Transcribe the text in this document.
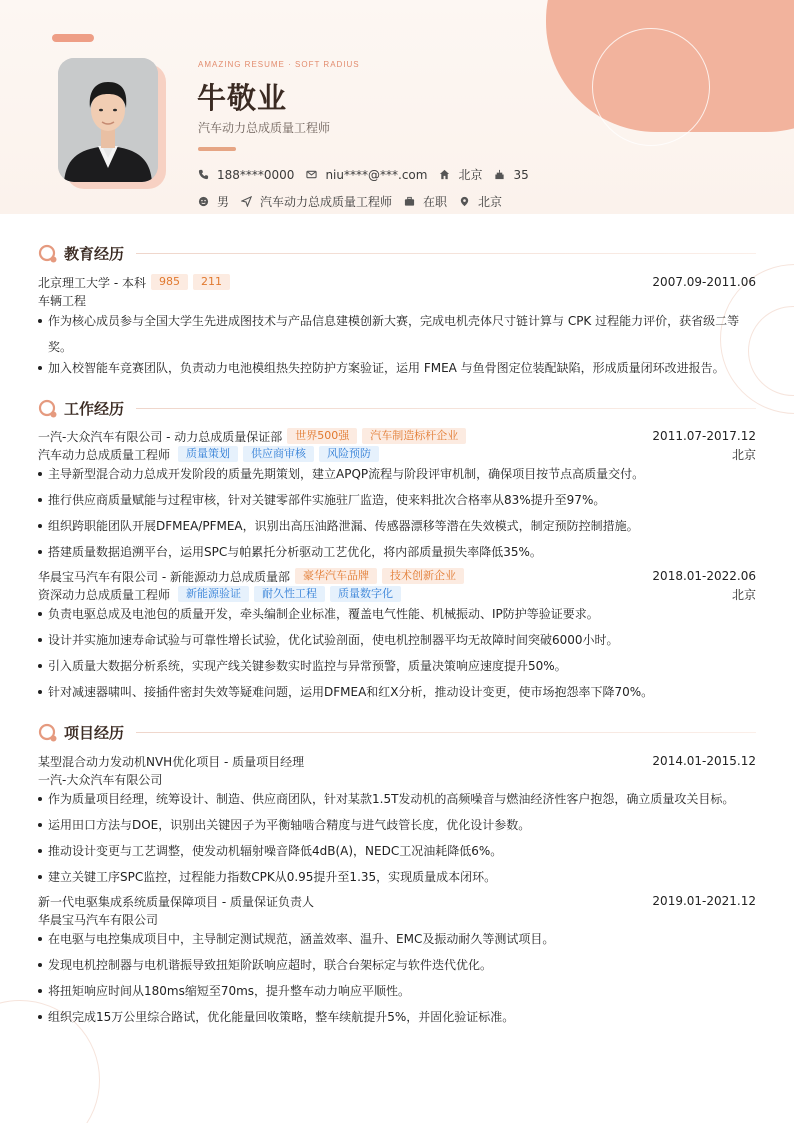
AMAZING RESUME · SOFT RADIUS
牛敬业
汽车动力总成质量工程师
188****0000	niu****@***.com	北京	35
男	汽车动力总成质量工程师	在职	北京
教育经历
北京理工大学 - 本科	985	211	2007.09-2011.06
车辆工程
作为核心成员参与全国大学生先进成图技术与产品信息建模创新大赛，完成电机壳体尺寸链计算与 CPK 过程能力评价，获省级二等奖。
加入校智能车竞赛团队，负责动力电池模组热失控防护方案验证，运用 FMEA 与鱼骨图定位装配缺陷，形成质量闭环改进报告。
工作经历
一汽-大众汽车有限公司 - 动力总成质量保证部	世界500强	汽车制造标杆企业	2011.07-2017.12
汽车动力总成质量工程师	质量策划	供应商审核	风险预防	北京
主导新型混合动力总成开发阶段的质量先期策划，建立APQP流程与阶段评审机制，确保项目按节点高质量交付。
推行供应商质量赋能与过程审核，针对关键零部件实施驻厂监造，使来料批次合格率从83%提升至97%。
组织跨职能团队开展DFMEA/PFMEA，识别出高压油路泄漏、传感器漂移等潜在失效模式，制定预防控制措施。
搭建质量数据追溯平台，运用SPC与帕累托分析驱动工艺优化，将内部质量损失率降低35%。
华晨宝马汽车有限公司 - 新能源动力总成质量部	豪华汽车品牌	技术创新企业	2018.01-2022.06
资深动力总成质量工程师	新能源验证	耐久性工程	质量数字化	北京
负责电驱总成及电池包的质量开发，牵头编制企业标准，覆盖电气性能、机械振动、IP防护等验证要求。
设计并实施加速寿命试验与可靠性增长试验，优化试验剖面，使电机控制器平均无故障时间突破6000小时。
引入质量大数据分析系统，实现产线关键参数实时监控与异常预警，质量决策响应速度提升50%。
针对减速器啸叫、接插件密封失效等疑难问题，运用DFMEA和红X分析，推动设计变更，使市场抱怨率下降70%。
项目经历
某型混合动力发动机NVH优化项目 - 质量项目经理	2014.01-2015.12
一汽-大众汽车有限公司
作为质量项目经理，统筹设计、制造、供应商团队，针对某款1.5T发动机的高频噪音与燃油经济性客户抱怨，确立质量攻关目标。
运用田口方法与DOE，识别出关键因子为平衡轴啮合精度与进气歧管长度，优化设计参数。
推动设计变更与工艺调整，使发动机辐射噪音降低4dB(A)，NEDC工况油耗降低6%。
建立关键工序SPC监控，过程能力指数CPK从0.95提升至1.35，实现质量成本闭环。
新一代电驱集成系统质量保障项目 - 质量保证负责人	2019.01-2021.12
华晨宝马汽车有限公司
在电驱与电控集成项目中，主导制定测试规范，涵盖效率、温升、EMC及振动耐久等测试项目。
发现电机控制器与电机谐振导致扭矩阶跃响应超时，联合台架标定与软件迭代优化。
将扭矩响应时间从180ms缩短至70ms，提升整车动力响应平顺性。
组织完成15万公里综合路试，优化能量回收策略，整车续航提升5%，并固化验证标准。
